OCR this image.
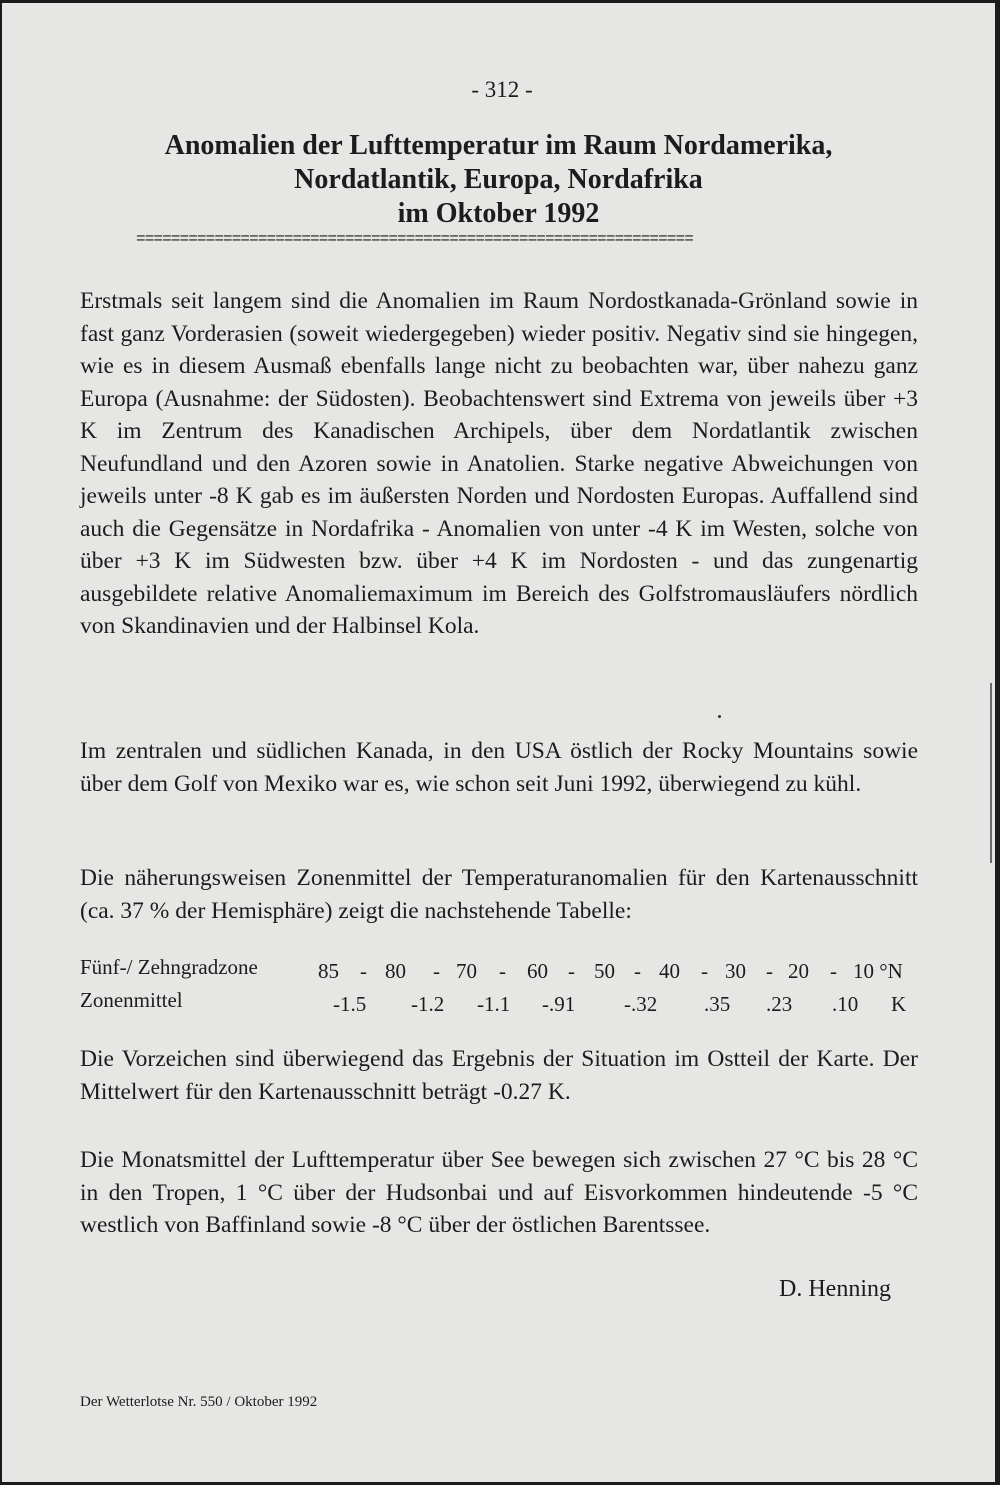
- 312 -
Anomalien der Lufttemperatur im Raum Nordamerika,
Nordatlantik, Europa, Nordafrika
im Oktober 1992
================================================================
Erstmals seit langem sind die Anomalien im Raum Nordostkanada-Grönland sowie in fast ganz Vorderasien (soweit wiedergegeben) wieder positiv. Negativ sind sie hingegen, wie es in diesem Ausmaß ebenfalls lange nicht zu beobachten war, über nahezu ganz Europa (Ausnahme: der Südosten). Beobachtenswert sind Extrema von jeweils über +3 K im Zentrum des Kanadischen Archipels, über dem Nordatlantik zwischen Neufundland und den Azoren sowie in Anatolien. Starke negative Abweichungen von jeweils unter -8 K gab es im äußersten Norden und Nordosten Europas. Auffallend sind auch die Gegensätze in Nordafrika - Anomalien von unter -4 K im Westen, solche von über +3 K im Südwesten bzw. über +4 K im Nordosten - und das zungenartig ausgebildete relative Anomaliemaximum im Bereich des Golfstromausläufers nördlich von Skandinavien und der Halbinsel Kola.
Im zentralen und südlichen Kanada, in den USA östlich der Rocky Mountains sowie über dem Golf von Mexiko war es, wie schon seit Juni 1992, überwiegend zu kühl.
Die näherungsweisen Zonenmittel der Temperaturanomalien für den Kartenausschnitt (ca. 37 % der Hemisphäre) zeigt die nachstehende Tabelle:
Fünf-/ Zehngradzone	85 - 80 - 70 - 60 - 50 - 40 - 30 - 20 - 10 °N
Zonenmittel	-1.5 -1.2 -1.1 -.91 -.32 .35 .23 .10 K
Die Vorzeichen sind überwiegend das Ergebnis der Situation im Ostteil der Karte. Der Mittelwert für den Kartenausschnitt beträgt -0.27 K.
Die Monatsmittel der Lufttemperatur über See bewegen sich zwischen 27 °C bis 28 °C in den Tropen, 1 °C über der Hudsonbai und auf Eisvorkommen hindeutende -5 °C westlich von Baffinland sowie -8 °C über der östlichen Barentssee.
D. Henning
Der Wetterlotse Nr. 550 / Oktober 1992
